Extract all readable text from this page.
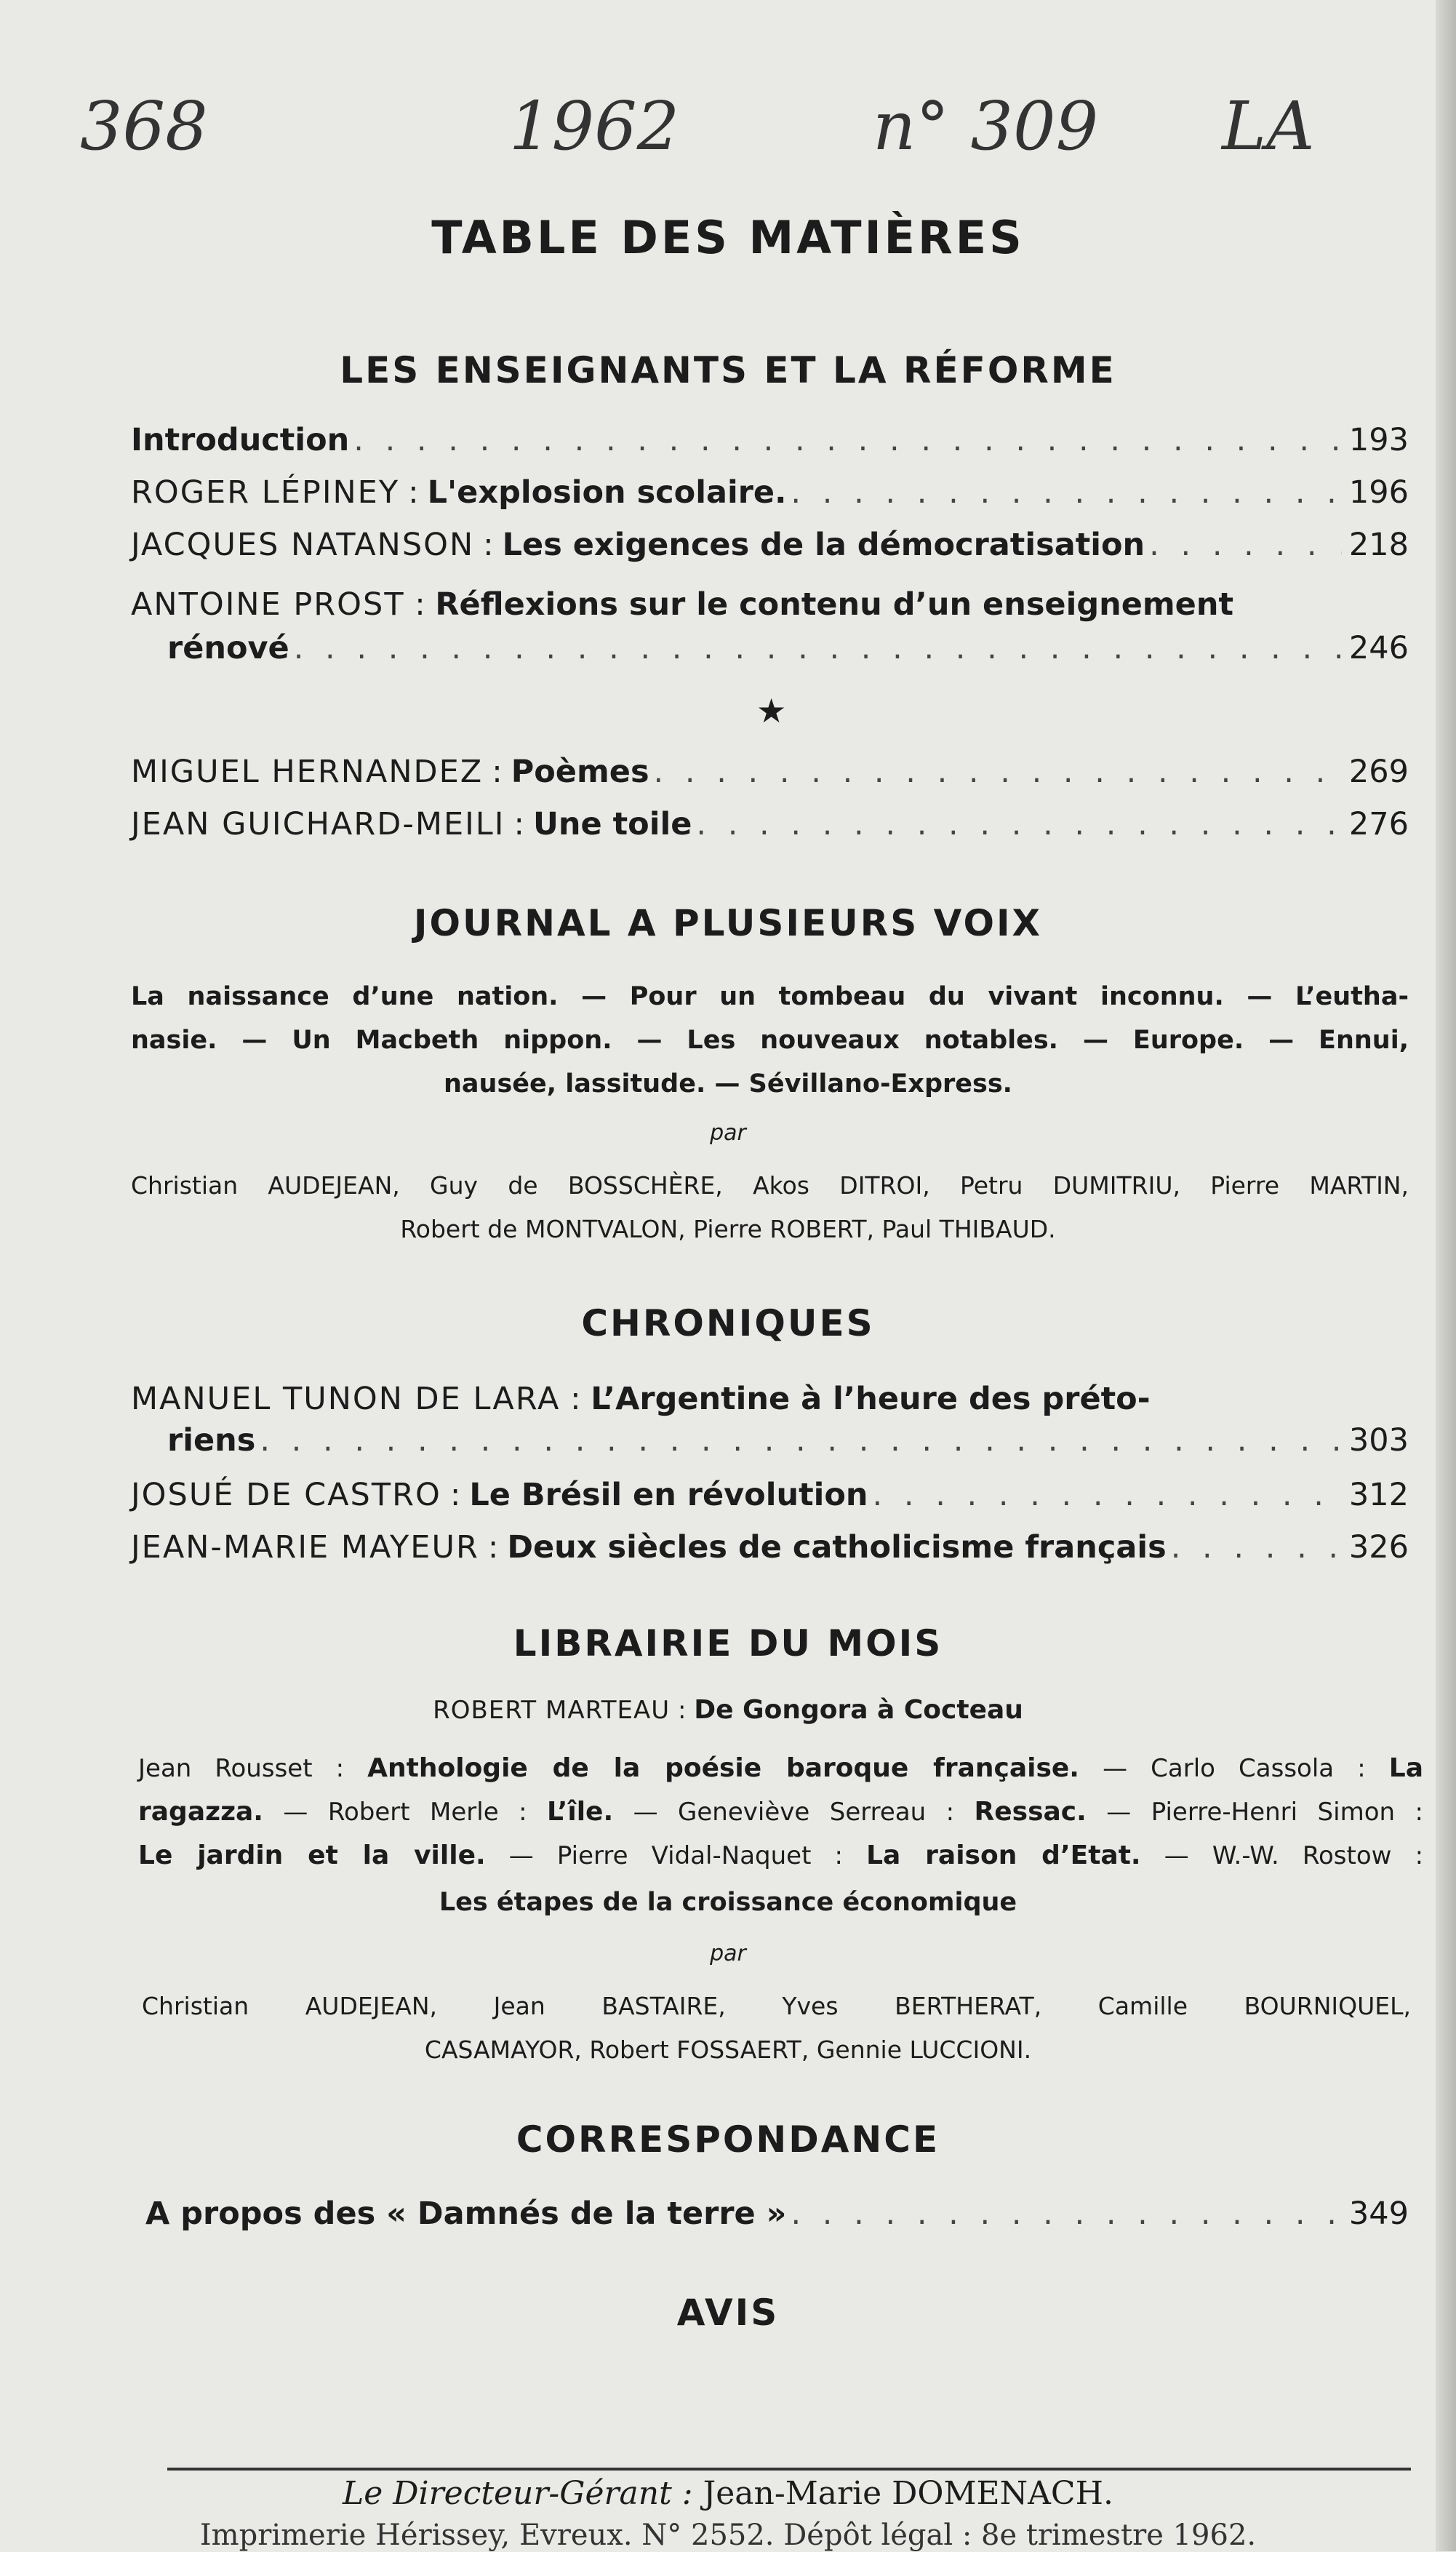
368	1962	n° 309 LA
TABLE DES MATIÈRES
LES ENSEIGNANTS ET LA RÉFORME
Introduction . . .	193
ROGER LÉPINEY : L'explosion scolaire. . . .	196
JACQUES NATANSON : Les exigences de la démocratisation . . .	218
ANTOINE PROST : Réflexions sur le contenu d’un enseignement
rénové . . .	246
★
MIGUEL HERNANDEZ : Poèmes . . .	269
JEAN GUICHARD-MEILI : Une toile . . .	276
JOURNAL A PLUSIEURS VOIX
La naissance d’une nation. — Pour un tombeau du vivant inconnu. — L’eutha-
nasie. — Un Macbeth nippon. — Les nouveaux notables. — Europe. — Ennui,
nausée, lassitude. — Sévillano-Express.
par
Christian AUDEJEAN, Guy de BOSSCHÈRE, Akos DITROI, Petru DUMITRIU, Pierre MARTIN,
Robert de MONTVALON, Pierre ROBERT, Paul THIBAUD.
CHRONIQUES
MANUEL TUNON DE LARA : L’Argentine à l’heure des préto-
riens . . .	303
JOSUÉ DE CASTRO : Le Brésil en révolution . . .	312
JEAN-MARIE MAYEUR : Deux siècles de catholicisme français . . .	326
LIBRAIRIE DU MOIS
ROBERT MARTEAU : De Gongora à Cocteau
Jean Rousset : Anthologie de la poésie baroque française. — Carlo Cassola : La
ragazza. — Robert Merle : L’île. — Geneviève Serreau : Ressac. — Pierre-Henri Simon :
Le jardin et la ville. — Pierre Vidal-Naquet : La raison d’Etat. — W.-W. Rostow :
Les étapes de la croissance économique
par
Christian AUDEJEAN, Jean BASTAIRE, Yves BERTHERAT, Camille BOURNIQUEL,
CASAMAYOR, Robert FOSSAERT, Gennie LUCCIONI.
CORRESPONDANCE
A propos des « Damnés de la terre » . . .	349
AVIS
Le Directeur-Gérant : Jean-Marie DOMENACH.
Imprimerie Hérissey, Evreux. N° 2552. Dépôt légal : 8e trimestre 1962.
